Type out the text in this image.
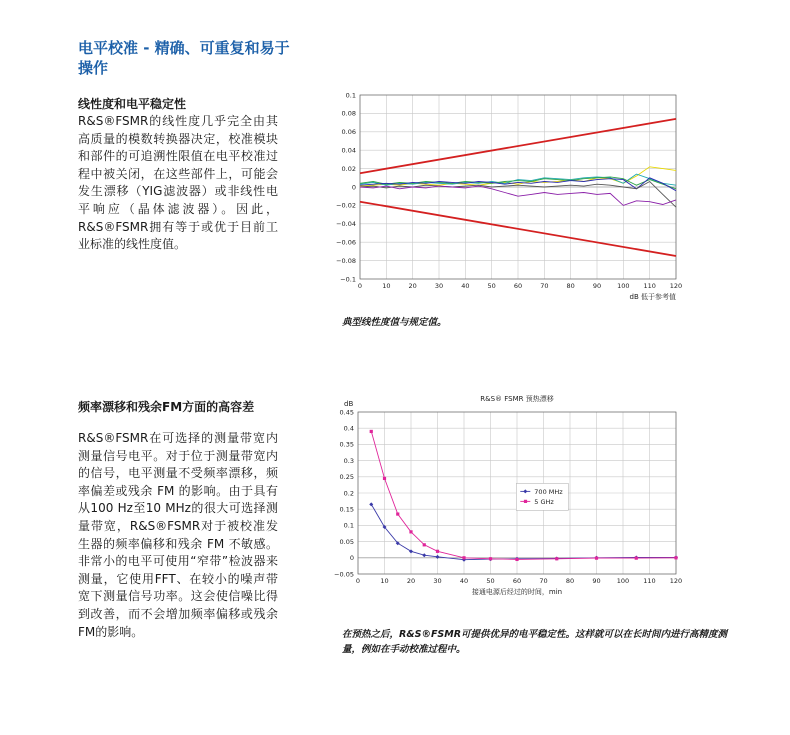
电平校准 - 精确、可重复和易于操作
线性度和电平稳定性

R&S®FSMR的线性度几乎完全由其高质量的模数转换器决定，校准模块和部件的可追溯性限值在电平校准过程中被关闭，在这些部件上，可能会发生漂移（YIG滤波器）或非线性电平响应（晶体滤波器）。因此，R&S®FSMR拥有等于或优于目前工业标准的线性度值。

典型线性度值与规定值。

频率漂移和残余FM方面的高容差

R&S®FSMR在可选择的测量带宽内测量信号电平。对于位于测量带宽内的信号，电平测量不受频率漂移，频率偏差或残余 FM 的影响。由于具有从100 Hz至10 MHz的很大可选择测量带宽，R&S®FSMR对于被校准发生器的频率偏移和残余 FM 不敏感。非常小的电平可使用“窄带”检波器来测量，它使用FFT、在较小的噪声带宽下测量信号功率。这会使信噪比得到改善，而不会增加频率偏移或残余FM的影响。	在预热之后，R&S®FSMR可提供优异的电平稳定性。这样就可以在长时间内进行高精度测量，例如在手动校准过程中。

0	10	20	30	40	50	60	70	80	90 100 110 120
0.1
0.08
0.06
0.04
0.02
0
−0.02
−0.04
−0.06
−0.08
−0.1
dB 低于参考值
0	10	20	30	40	50	60	70	80	90 100 110 120
0.45
0.4
0.35
0.3
0.25
0.2
0.15
0.1
0.05
0
−0.05
接通电源后经过的时间，min
dB
R&S® FSMR 预热漂移
700 MHz
5 GHz
